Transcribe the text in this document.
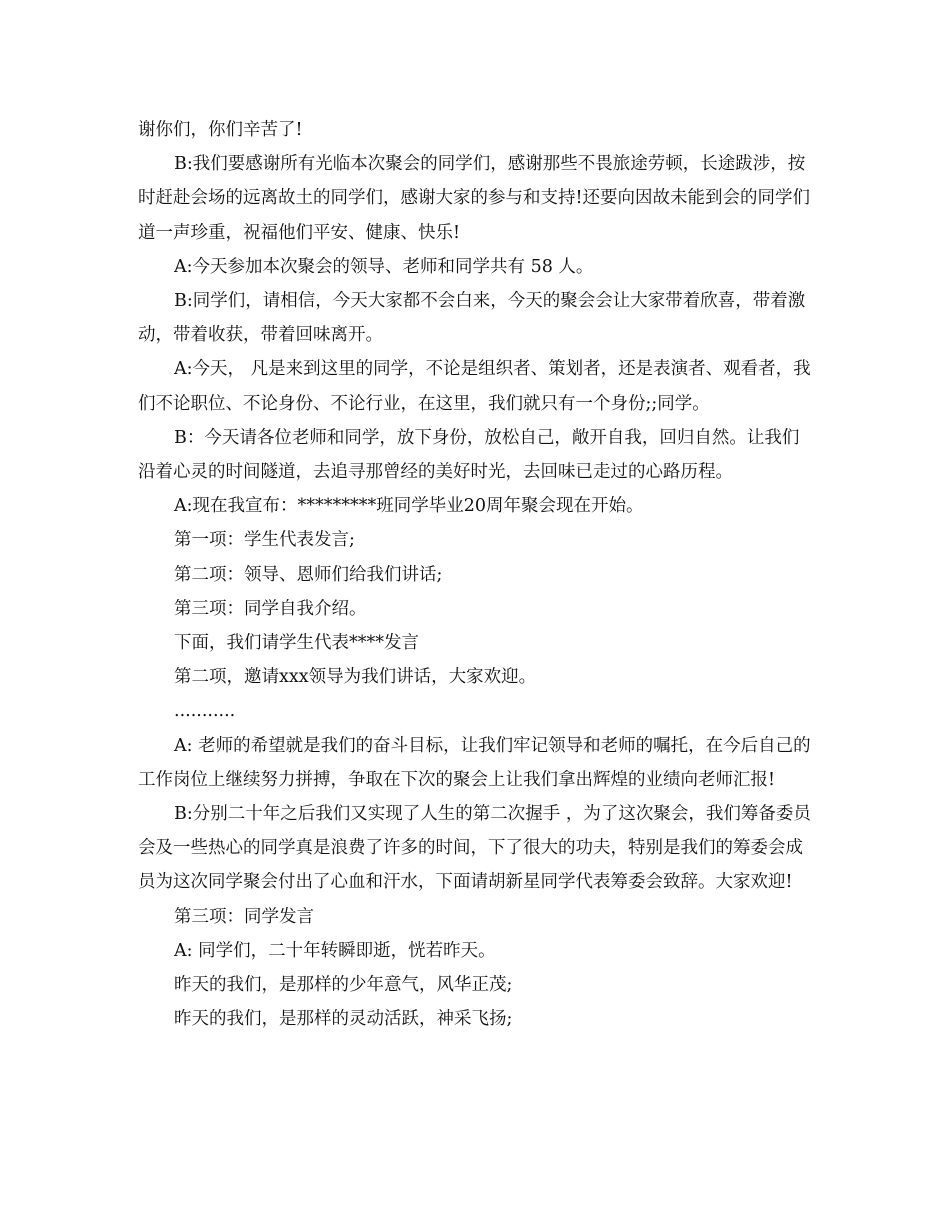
谢你们，你们辛苦了!

B:我们要感谢所有光临本次聚会的同学们，感谢那些不畏旅途劳顿，长途跋涉，按时赶赴会场的远离故土的同学们，感谢大家的参与和支持!还要向因故未能到会的同学们道一声珍重，祝福他们平安、健康、快乐!

A:今天参加本次聚会的领导、老师和同学共有 58 人。

B:同学们，请相信，今天大家都不会白来，今天的聚会会让大家带着欣喜，带着激动，带着收获，带着回味离开。

A:今天， 凡是来到这里的同学，不论是组织者、策划者，还是表演者、观看者，我们不论职位、不论身份、不论行业，在这里，我们就只有一个身份;;同学。

B：今天请各位老师和同学，放下身份，放松自己，敞开自我，回归自然。让我们沿着心灵的时间隧道，去追寻那曾经的美好时光，去回味已走过的心路历程。

A:现在我宣布：*********班同学毕业20周年聚会现在开始。

第一项：学生代表发言;

第二项：领导、恩师们给我们讲话;

第三项：同学自我介绍。

下面，我们请学生代表****发言

第二项，邀请xxx领导为我们讲话，大家欢迎。

...........

A: 老师的希望就是我们的奋斗目标，让我们牢记领导和老师的嘱托，在今后自己的工作岗位上继续努力拼搏，争取在下次的聚会上让我们拿出辉煌的业绩向老师汇报!

B:分别二十年之后我们又实现了人生的第二次握手 ，为了这次聚会，我们筹备委员会及一些热心的同学真是浪费了许多的时间，下了很大的功夫，特别是我们的筹委会成员为这次同学聚会付出了心血和汗水，下面请胡新星同学代表筹委会致辞。大家欢迎!

第三项：同学发言

A: 同学们，二十年转瞬即逝，恍若昨天。

昨天的我们，是那样的少年意气，风华正茂;

昨天的我们，是那样的灵动活跃，神采飞扬;
